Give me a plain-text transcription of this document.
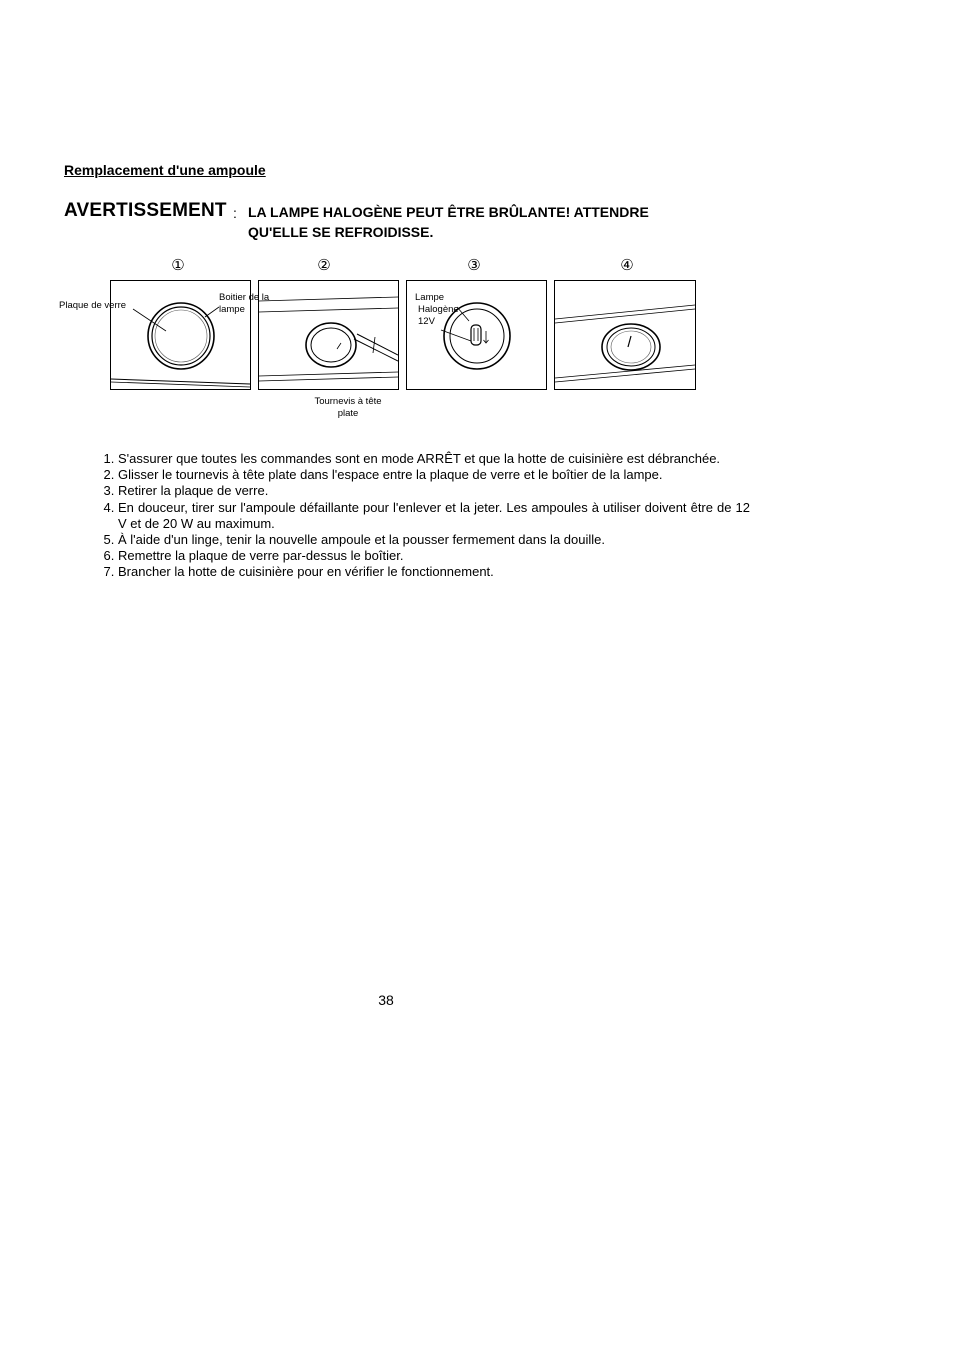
Remplacement d'une ampoule
AVERTISSEMENT : LA LAMPE HALOGÈNE PEUT ÊTRE BRÛLANTE! ATTENDRE
QU'ELLE SE REFROIDISSE.
①	②	③	④
Plaque de verre
Boitier de la
lampe
Lampe
Halogène
12V
Tournevis à tête
plate
1. S'assurer que toutes les commandes sont en mode ARRÊT et que la hotte de cuisinière est débranchée.
2. Glisser le tournevis à tête plate dans l'espace entre la plaque de verre et le boîtier de la lampe.
3. Retirer la plaque de verre.
4. En douceur, tirer sur l'ampoule défaillante pour l'enlever et la jeter. Les ampoules à utiliser doivent être de 12 V et de 20 W au maximum.
5. À l'aide d'un linge, tenir la nouvelle ampoule et la pousser fermement dans la douille.
6. Remettre la plaque de verre par-dessus le boîtier.
7. Brancher la hotte de cuisinière pour en vérifier le fonctionnement.
38
